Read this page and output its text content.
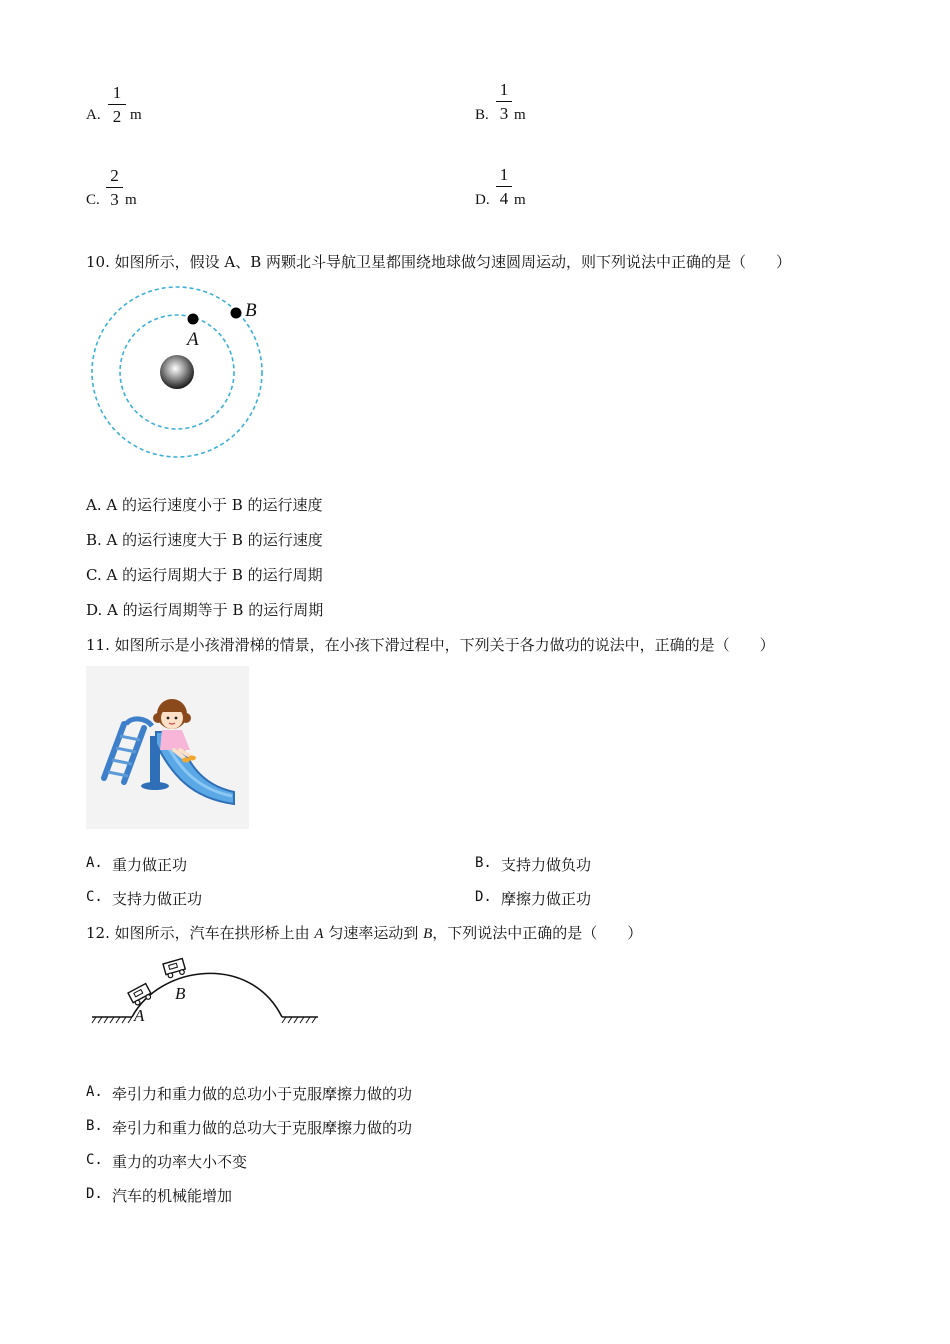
A.
1
2 m	B.
1
3 m
C.
2
3 m	D.
1
4 m
10. 如图所示，假设 A、B 两颗北斗导航卫星都围绕地球做匀速圆周运动，则下列说法中正确的是（　　）
A
B
A. A 的运行速度小于 B 的运行速度
B. A 的运行速度大于 B 的运行速度
C. A 的运行周期大于 B 的运行周期
D. A 的运行周期等于 B 的运行周期
11. 如图所示是小孩滑滑梯的情景，在小孩下滑过程中，下列关于各力做功的说法中，正确的是（　　）
A. 重力做正功	B. 支持力做负功
C. 支持力做正功	D. 摩擦力做正功
12. 如图所示，汽车在拱形桥上由 A 匀速率运动到 B，下列说法中正确的是（　　）
A
B
A. 牵引力和重力做的总功小于克服摩擦力做的功
B. 牵引力和重力做的总功大于克服摩擦力做的功
C. 重力的功率大小不变
D. 汽车的机械能增加
